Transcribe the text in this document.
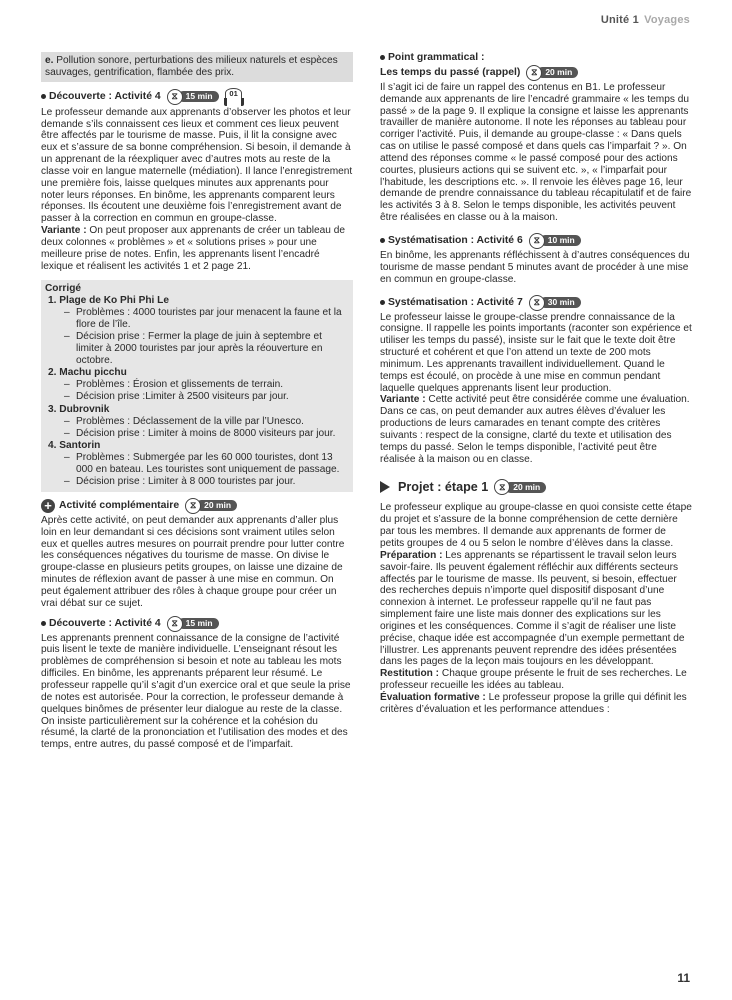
Unité 1 Voyages
e. Pollution sonore, perturbations des milieux naturels et espèces sauvages, gentrification, flambée des prix.
Découverte : Activité 4	⧖ 15 min	01

Le professeur demande aux apprenants d’observer les photos et leur demande s’ils connaissent ces lieux et comment ces lieux peuvent être affectés par le tourisme de masse. Puis, il lit la consigne avec eux et s’assure de sa bonne compréhension. Si besoin, il demande à un apprenant de la réexpliquer avec d’autres mots au reste de la classe voir en langue maternelle (médiation). Il lance l’enregistrement une première fois, laisse quelques minutes aux apprenants pour noter leurs réponses. En binôme, les apprenants comparent leurs réponses. Ils écoutent une deuxième fois l’enregistrement avant de passer à la correction en commun en groupe-classe.

Variante : On peut proposer aux apprenants de créer un tableau de deux colonnes « problèmes » et « solutions prises » pour une meilleure prise de notes. Enfin, les apprenants lisent l’encadré lexique et réalisent les activités 1 et 2 page 21.

Corrigé
1. Plage de Ko Phi Phi Le
– Problèmes : 4000 touristes par jour menacent la faune et la flore de l’île.
– Décision prise : Fermer la plage de juin à septembre et limiter à 2000 touristes par jour après la réouverture en octobre.
2. Machu picchu
– Problèmes : Érosion et glissements de terrain.
– Décision prise :Limiter à 2500 visiteurs par jour.
3. Dubrovnik
– Problèmes : Déclassement de la ville par l’Unesco.
– Décision prise : Limiter à moins de 8000 visiteurs par jour.
4. Santorin
– Problèmes : Submergée par les 60 000 touristes, dont 13 000 en bateau. Les touristes sont uniquement de passage.
– Décision prise : Limiter à 8 000 touristes par jour.
+ Activité complémentaire	⧖ 20 min

Après cette activité, on peut demander aux apprenants d’aller plus loin en leur demandant si ces décisions sont vraiment utiles selon eux et quelles autres mesures on pourrait prendre pour lutter contre les conséquences négatives du tourisme de masse. On divise le groupe-classe en plusieurs petits groupes, on laisse une dizaine de minutes de réflexion avant de passer à une mise en commun. On peut également attribuer des rôles à chaque groupe pour créer un vrai débat sur ce sujet.

Découverte : Activité 4	⧖ 15 min

Les apprenants prennent connaissance de la consigne de l’activité puis lisent le texte de manière individuelle. L’enseignant résout les problèmes de compréhension si besoin et note au tableau les mots difficiles. En binôme, les apprenants préparent leur résumé. Le professeur rappelle qu’il s’agit d’un exercice oral et que seule la prise de notes est autorisée. Pour la correction, le professeur demande à quelques binômes de présenter leur dialogue au reste de la classe. On insiste particulièrement sur la cohérence et la cohésion du résumé, la clarté de la prononciation et l’utilisation des modes et des temps, entre autres, du passé composé et de l’imparfait.

Point grammatical :
Les temps du passé (rappel)	⧖ 20 min

Il s’agit ici de faire un rappel des contenus en B1. Le professeur demande aux apprenants de lire l’encadré grammaire « les temps du passé » de la page 9. Il explique la consigne et laisse les apprenants travailler de manière autonome. Il note les réponses au tableau pour corriger l’activité. Puis, il demande au groupe-classe : « Dans quels cas on utilise le passé composé et dans quels cas l’imparfait ? ». On attend des réponses comme « le passé composé pour des actions courtes, plusieurs actions qui se suivent etc. », « l’imparfait pour l’habitude, les descriptions etc. ». Il renvoie les élèves page 16, leur demande de prendre connaissance du tableau récapitulatif et de faire les activités 3 à 8. Selon le temps disponible, les activités peuvent être réalisées en classe ou à la maison.

Systématisation : Activité 6	⧖ 10 min

En binôme, les apprenants réfléchissent à d’autres conséquences du tourisme de masse pendant 5 minutes avant de procéder à une mise en commun en groupe-classe.

Systématisation : Activité 7	⧖ 30 min

Le professeur laisse le groupe-classe prendre connaissance de la consigne. Il rappelle les points importants (raconter son expérience et utiliser les temps du passé), insiste sur le fait que le texte doit être structuré et cohérent et que l’on attend un texte de 200 mots minimum. Les apprenants travaillent individuellement. Quand le temps est écoulé, on procède à une mise en commun pendant laquelle quelques apprenants lisent leur production.

Variante : Cette activité peut être considérée comme une évaluation. Dans ce cas, on peut demander aux autres élèves d’évaluer les productions de leurs camarades en tenant compte des critères suivants : respect de la consigne, clarté du texte et utilisation des temps du passé. Selon le temps disponible, l’activité peut être réalisée à la maison ou en classe.

Projet : étape 1	⧖ 20 min

Le professeur explique au groupe-classe en quoi consiste cette étape du projet et s’assure de la bonne compréhension de cette dernière par tous les membres. Il demande aux apprenants de former de petits groupes de 4 ou 5 selon le nombre d’élèves dans la classe.

Préparation : Les apprenants se répartissent le travail selon leurs savoir-faire. Ils peuvent également réfléchir aux différents secteurs affectés par le tourisme de masse. Ils peuvent, si besoin, effectuer des recherches depuis n’importe quel dispositif disposant d’une connexion à internet. Le professeur rappelle qu’il ne faut pas simplement faire une liste mais donner des explications sur les origines et les conséquences. Comme il s’agit de réaliser une liste précise, chaque idée est accompagnée d’un exemple permettant de l’illustrer. Les apprenants peuvent reprendre des idées présentées dans les pages de la leçon mais toujours en les développant.

Restitution : Chaque groupe présente le fruit de ses recherches. Le professeur recueille les idées au tableau.

Évaluation formative : Le professeur propose la grille qui définit les critères d’évaluation et les performance attendues :

11
